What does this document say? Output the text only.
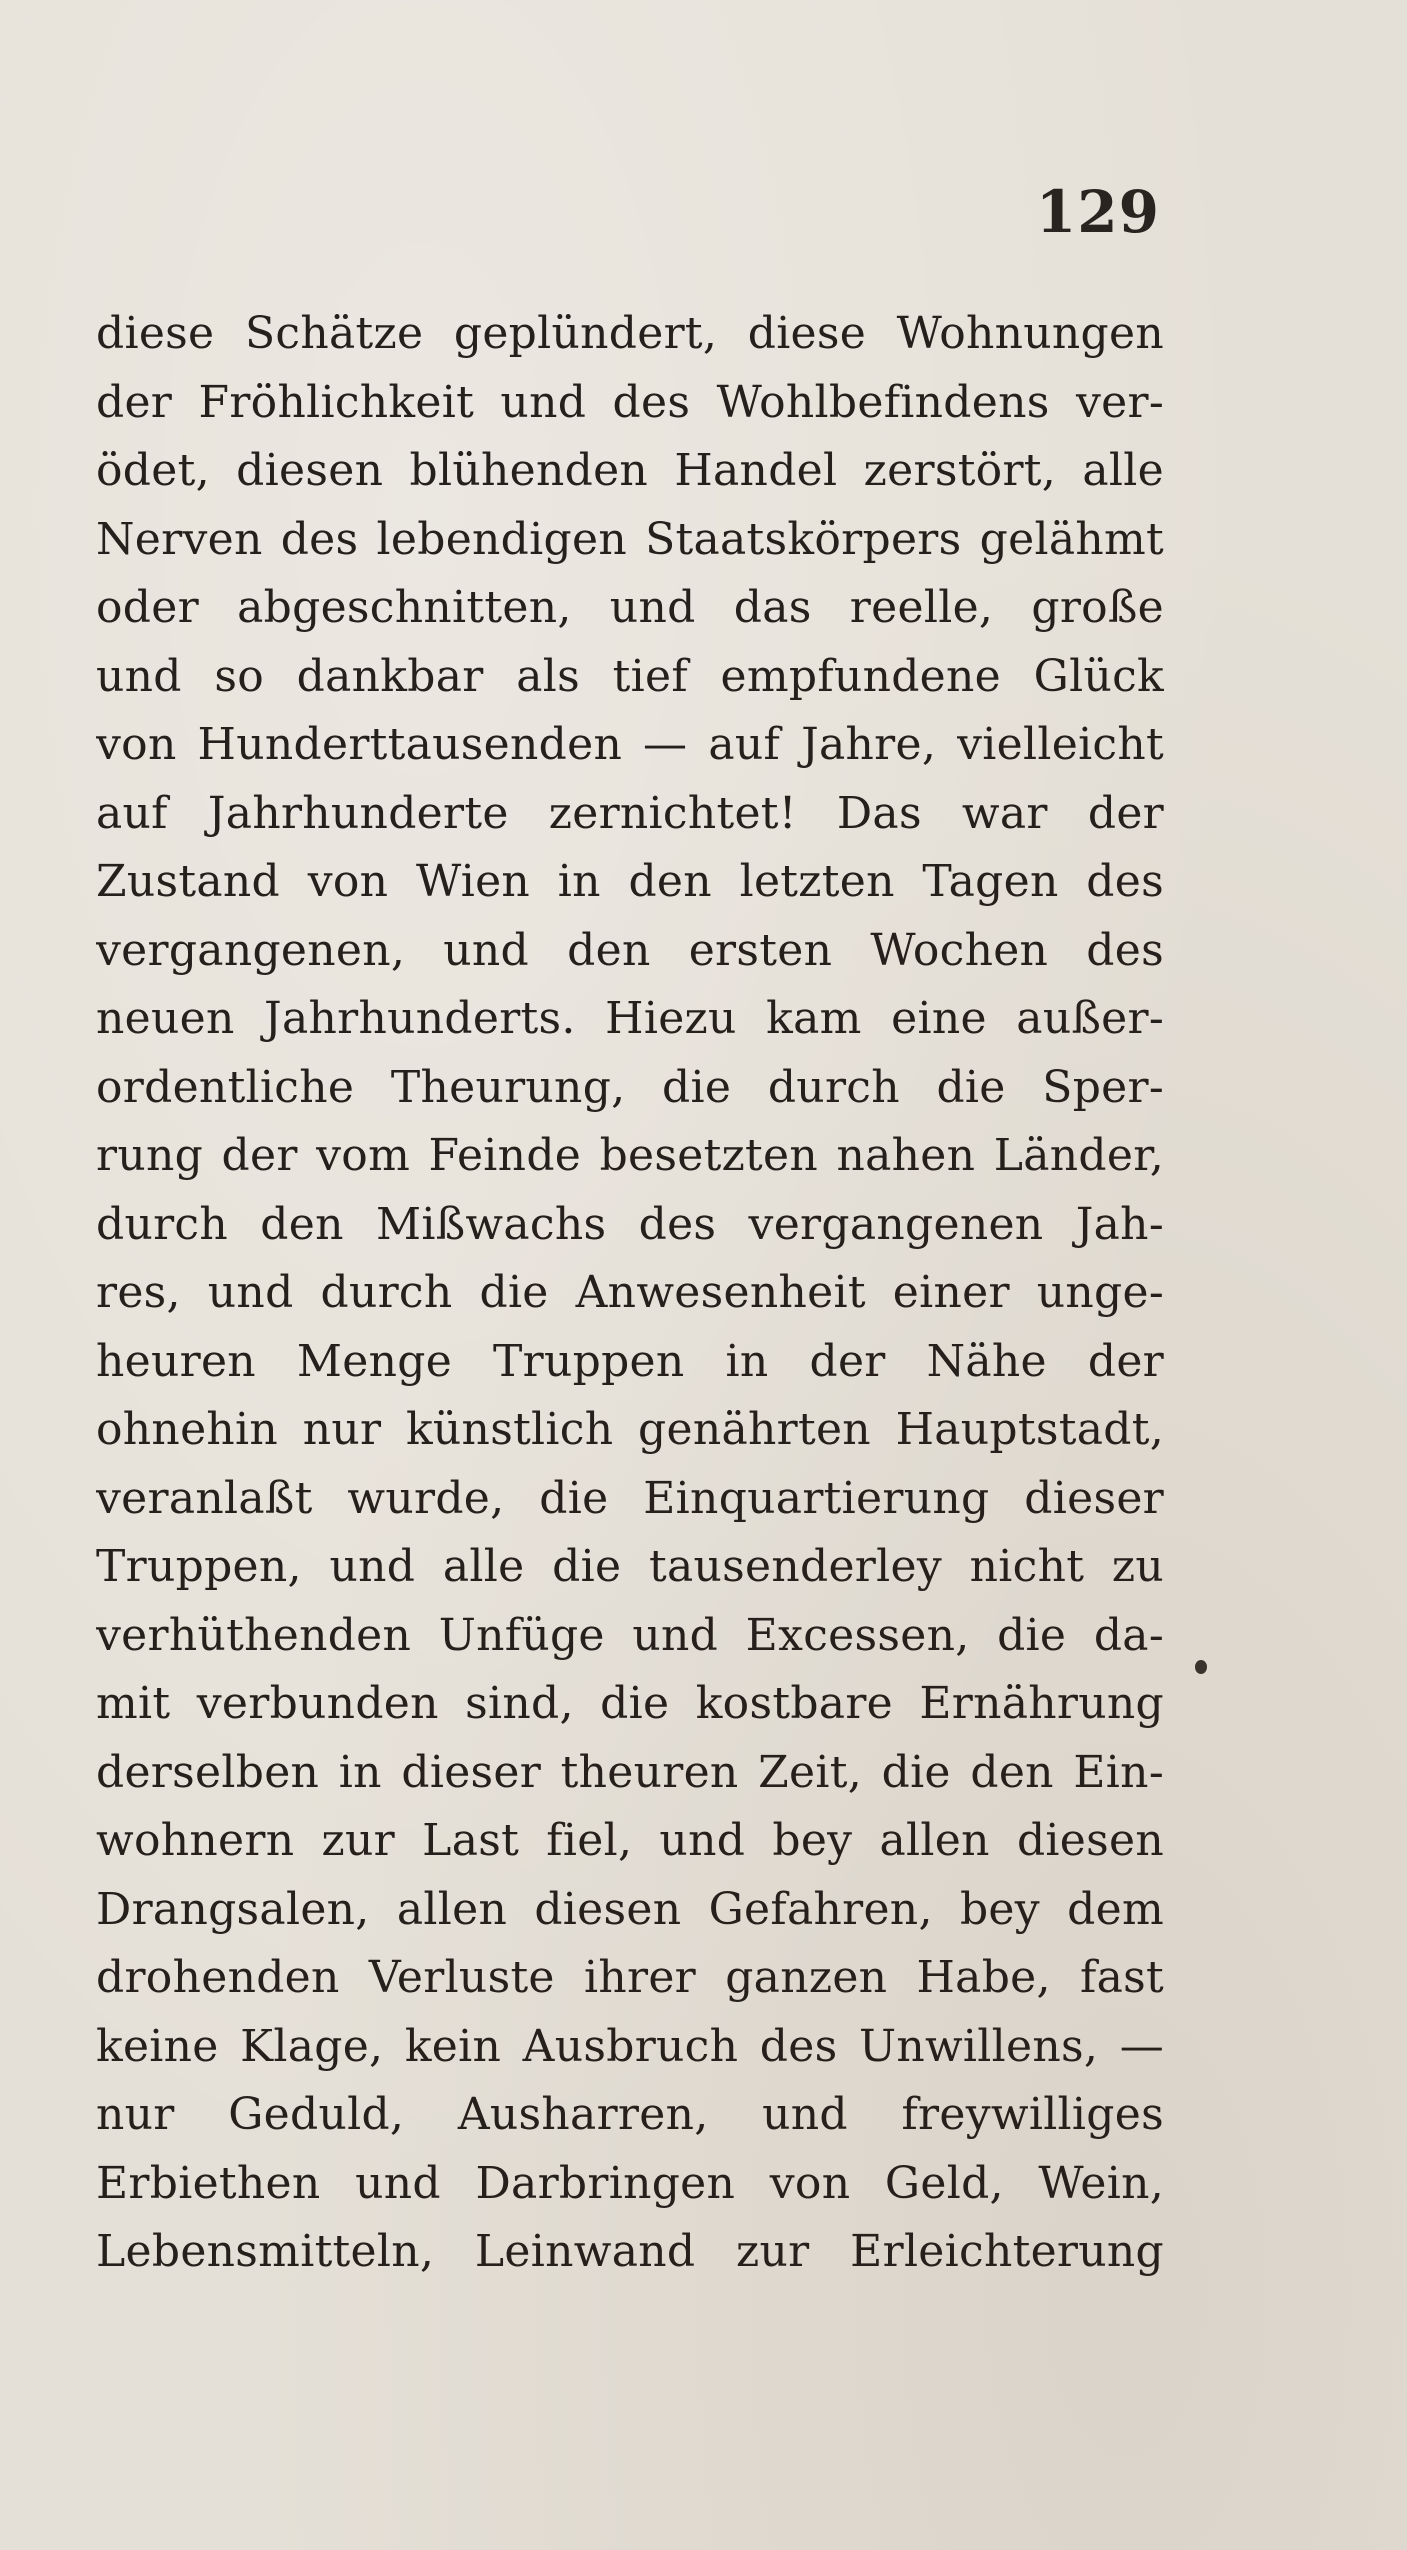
129
diese Schätze geplündert, diese Wohnungen
der Fröhlichkeit und des Wohlbefindens ver-
ödet, diesen blühenden Handel zerstört, alle
Nerven des lebendigen Staatskörpers gelähmt
oder abgeschnitten, und das reelle, große
und so dankbar als tief empfundene Glück
von Hunderttausenden — auf Jahre, vielleicht
auf Jahrhunderte zernichtet! Das war der
Zustand von Wien in den letzten Tagen des
vergangenen, und den ersten Wochen des
neuen Jahrhunderts. Hiezu kam eine außer-
ordentliche Theurung, die durch die Sper-
rung der vom Feinde besetzten nahen Länder,
durch den Mißwachs des vergangenen Jah-
res, und durch die Anwesenheit einer unge-
heuren Menge Truppen in der Nähe der
ohnehin nur künstlich genährten Hauptstadt,
veranlaßt wurde, die Einquartierung dieser
Truppen, und alle die tausenderley nicht zu
verhüthenden Unfüge und Excessen, die da-
mit verbunden sind, die kostbare Ernährung
derselben in dieser theuren Zeit, die den Ein-
wohnern zur Last fiel, und bey allen diesen
Drangsalen, allen diesen Gefahren, bey dem
drohenden Verluste ihrer ganzen Habe, fast
keine Klage, kein Ausbruch des Unwillens, —
nur Geduld, Ausharren, und freywilliges
Erbiethen und Darbringen von Geld, Wein,
Lebensmitteln, Leinwand zur Erleichterung
